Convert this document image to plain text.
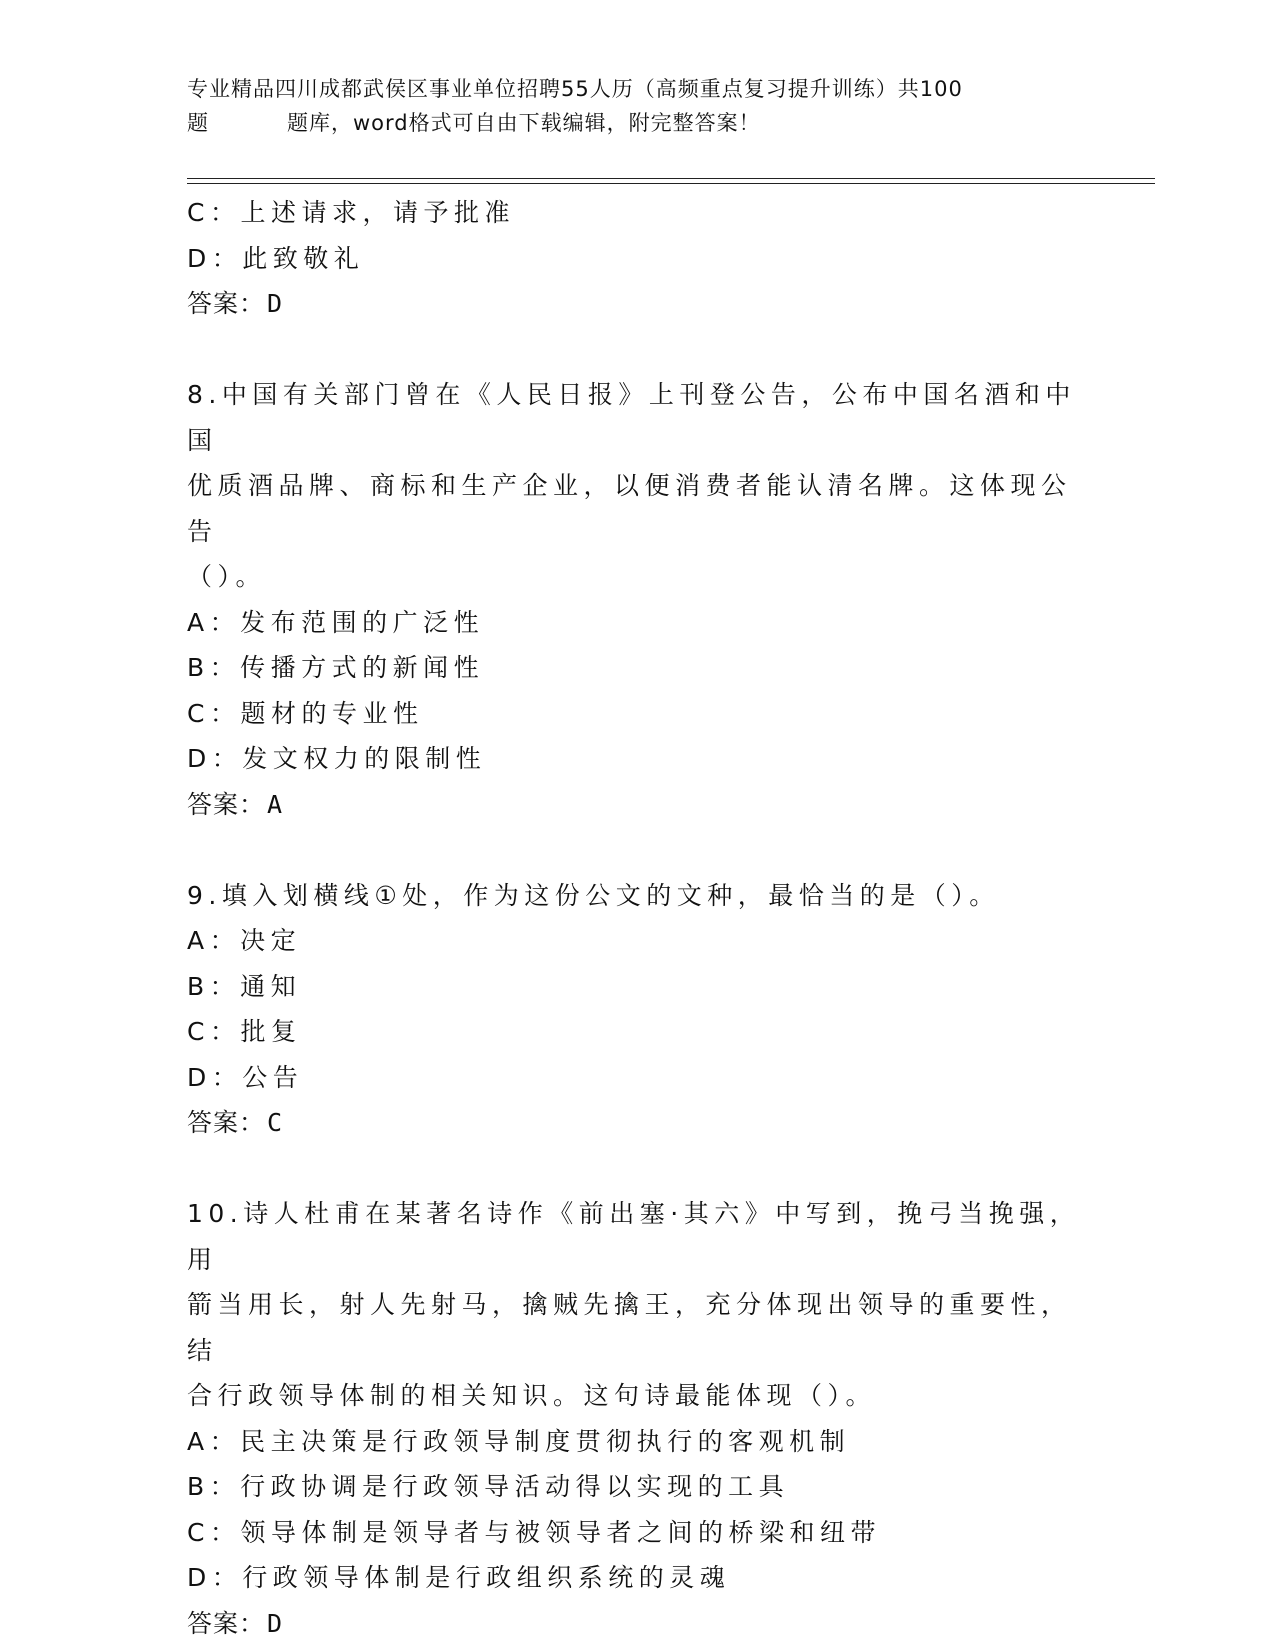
专业精品四川成都武侯区事业单位招聘55人历（高频重点复习提升训练）共100
题	题库，word格式可自由下载编辑，附完整答案！
C：上述请求，请予批准
D：此致敬礼
答案：D
8.中国有关部门曾在《人民日报》上刊登公告，公布中国名酒和中国
优质酒品牌、商标和生产企业，以便消费者能认清名牌。这体现公告
（）。
A：发布范围的广泛性
B：传播方式的新闻性
C：题材的专业性
D：发文权力的限制性
答案：A
9.填入划横线①处，作为这份公文的文种，最恰当的是（）。
A：决定
B：通知
C：批复
D：公告
答案：C
10.诗人杜甫在某著名诗作《前出塞·其六》中写到，挽弓当挽强，用
箭当用长，射人先射马，擒贼先擒王，充分体现出领导的重要性，结
合行政领导体制的相关知识。这句诗最能体现（）。
A：民主决策是行政领导制度贯彻执行的客观机制
B：行政协调是行政领导活动得以实现的工具
C：领导体制是领导者与被领导者之间的桥梁和纽带
D：行政领导体制是行政组织系统的灵魂
答案：D
